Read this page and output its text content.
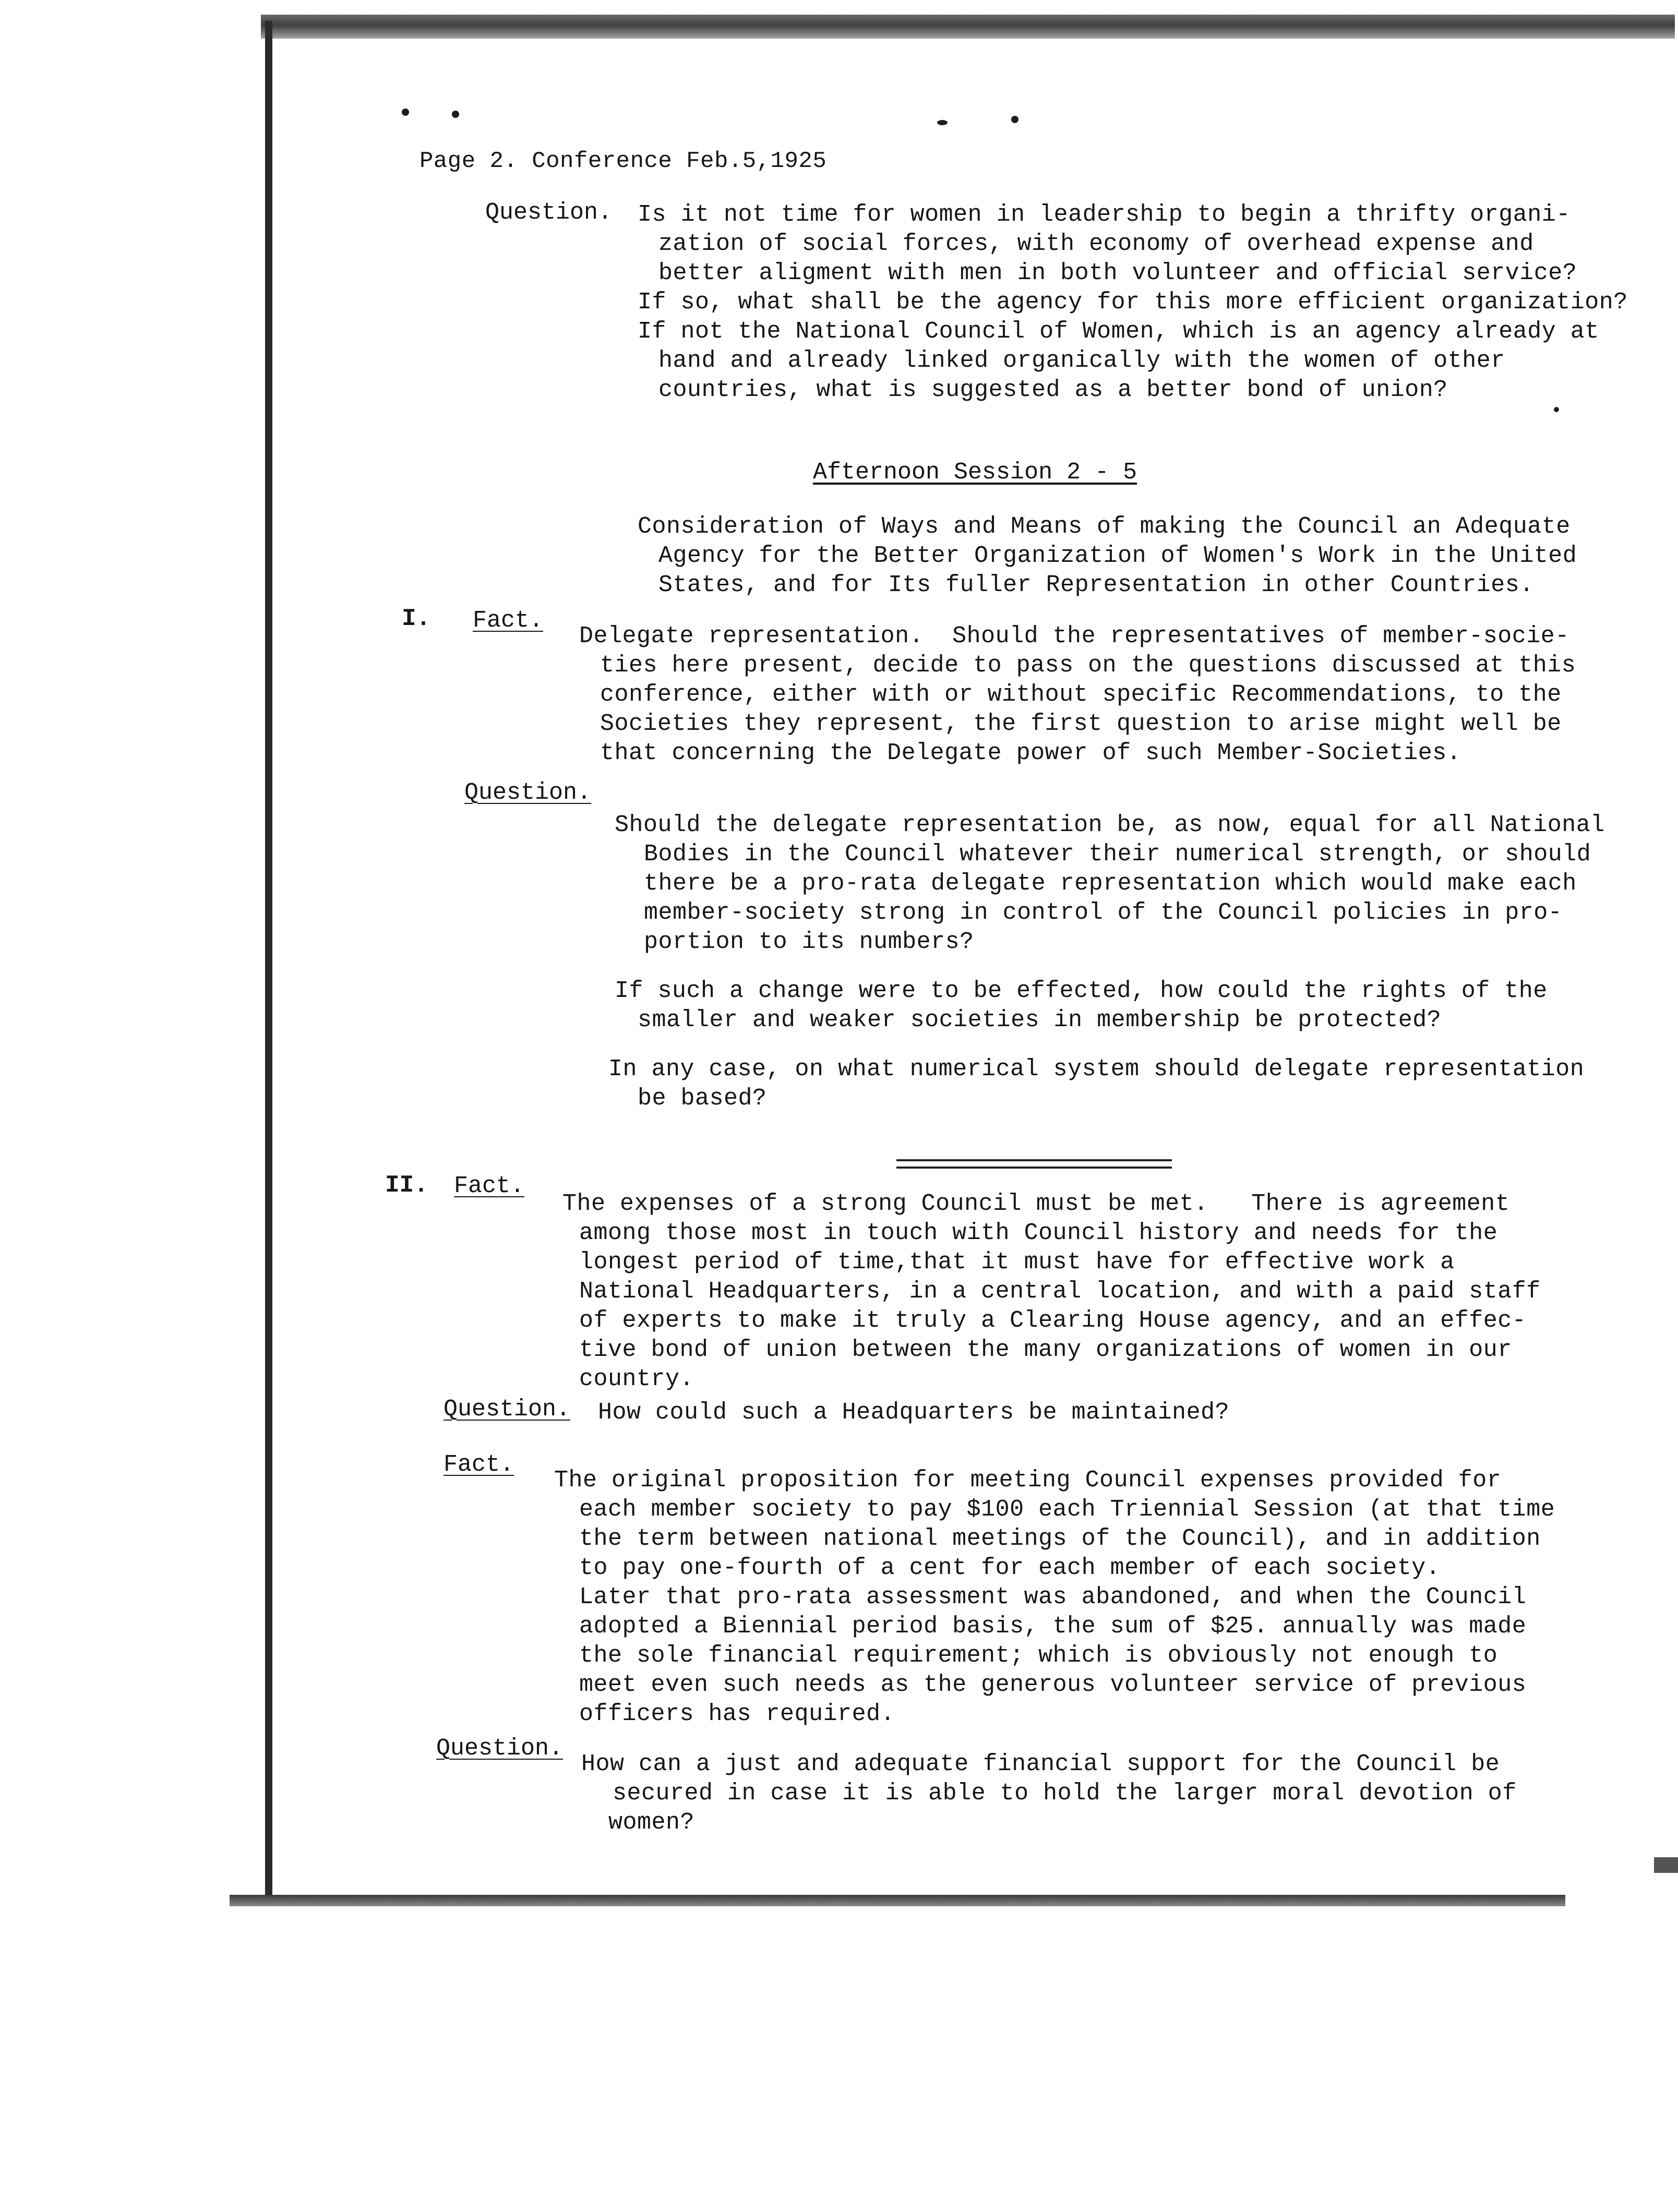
Page 2. Conference Feb.5,1925
Question. Is it not time for women in leadership to begin a thrifty organi-
zation of social forces, with economy of overhead expense and
better aligment with men in both volunteer and official service?
If so, what shall be the agency for this more efficient organization?
If not the National Council of Women, which is an agency already at
hand and already linked organically with the women of other
countries, what is suggested as a better bond of union?
Afternoon Session 2 - 5
Consideration of Ways and Means of making the Council an Adequate
Agency for the Better Organization of Women's Work in the United
States, and for Its fuller Representation in other Countries.
I. Fact.
Delegate representation.  Should the representatives of member-socie-
ties here present, decide to pass on the questions discussed at this
conference, either with or without specific Recommendations, to the
Societies they represent, the first question to arise might well be
that concerning the Delegate power of such Member-Societies.
Question.
Should the delegate representation be, as now, equal for all National
Bodies in the Council whatever their numerical strength, or should
there be a pro-rata delegate representation which would make each
member-society strong in control of the Council policies in pro-
portion to its numbers?
If such a change were to be effected, how could the rights of the
smaller and weaker societies in membership be protected?
In any case, on what numerical system should delegate representation
be based?
II. Fact.
The expenses of a strong Council must be met.   There is agreement
among those most in touch with Council history and needs for the
longest period of time,that it must have for effective work a
National Headquarters, in a central location, and with a paid staff
of experts to make it truly a Clearing House agency, and an effec-
tive bond of union between the many organizations of women in our
country.
Question. How could such a Headquarters be maintained?
Fact.
The original proposition for meeting Council expenses provided for
each member society to pay $100 each Triennial Session (at that time
the term between national meetings of the Council), and in addition
to pay one-fourth of a cent for each member of each society.
Later that pro-rata assessment was abandoned, and when the Council
adopted a Biennial period basis, the sum of $25. annually was made
the sole financial requirement; which is obviously not enough to
meet even such needs as the generous volunteer service of previous
officers has required.
Question.
How can a just and adequate financial support for the Council be
secured in case it is able to hold the larger moral devotion of
women?
